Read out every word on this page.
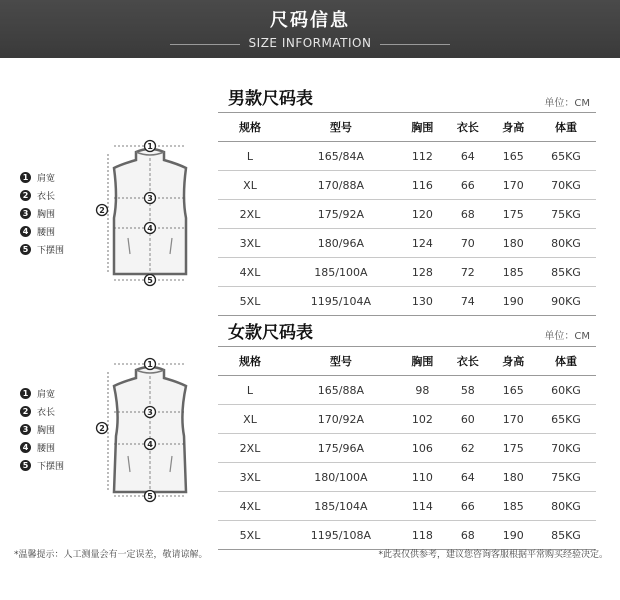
尺码信息
SIZE INFORMATION
男款尺码表	单位：CM
规格	型号	胸围	衣长	身高	体重
L	165/84A	112	64	165	65KG
XL	170/88A	116	66	170	70KG
2XL	175/92A	120	68	175	75KG
3XL	180/96A	124	70	180	80KG
4XL	185/100A	128	72	185	85KG
5XL	1195/104A	130	74	190	90KG
1 肩宽
2 衣长
3 胸围
4 腰围
5 下摆围
1
2
3
4
5
女款尺码表	单位：CM
规格	型号	胸围	衣长	身高	体重
L	165/88A	98	58	165	60KG
XL	170/92A	102	60	170	65KG
2XL	175/96A	106	62	175	70KG
3XL	180/100A	110	64	180	75KG
4XL	185/104A	114	66	185	80KG
5XL	1195/108A	118	68	190	85KG
1 肩宽
2 衣长
3 胸围
4 腰围
5 下摆围
1
2
3
4
5
*温馨提示：人工测量会有一定误差，敬请谅解。	*此表仅供参考，建议您咨询客服根据平常购买经验决定。
